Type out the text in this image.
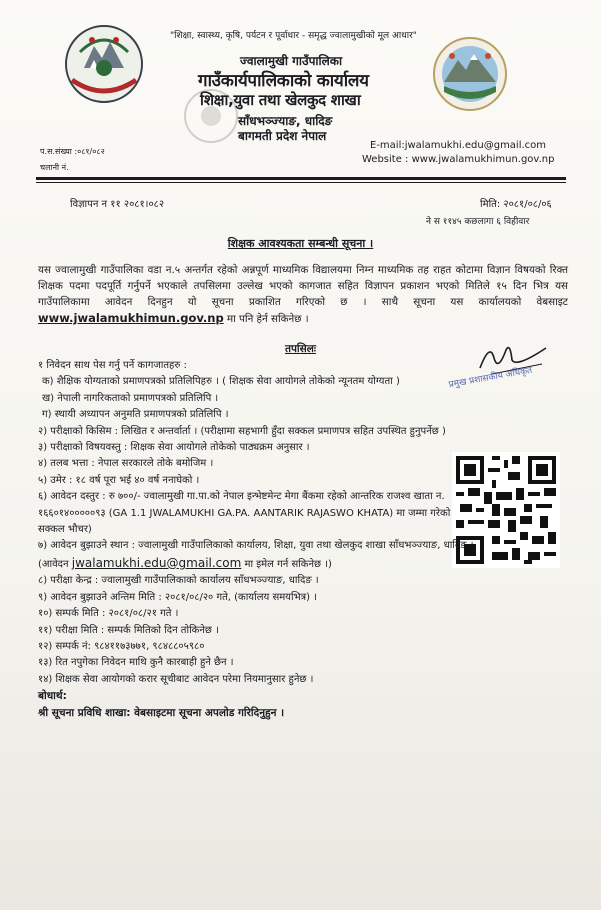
"शिक्षा, स्वास्थ्य, कृषि, पर्यटन र पूर्वाधार - समृद्ध ज्वालामुखीको मूल आधार"
ज्वालामुखी गाउँपालिका
गाउँकार्यपालिकाको कार्यालय
शिक्षा,युवा तथा खेलकुद शाखा
साँधभञ्ज्याङ, धादिङ
बागमती प्रदेश नेपाल
E-mail:jwalamukhi.edu@gmail.com
Website : www.jwalamukhimun.gov.np
प.स.संख्या :०८१/०८२
चलानी नं.
विज्ञापन न ११ २०८१।०८२	मिति: २०८१/०८/०६
ने स ११४५ कछलागा ६ विहीवार
शिक्षक आवश्यकता सम्बन्धी सूचना ।
यस ज्वालामुखी गाउँपालिका वडा न.५ अन्तर्गत रहेको अन्नपूर्ण माध्यमिक विद्यालयमा निम्न माध्यमिक तह राहत कोटामा विज्ञान विषयको रिक्त शिक्षक पदमा पदपूर्ति गर्नुपर्ने भएकाले तपसिलमा उल्लेख भएको कागजात सहित विज्ञापन प्रकाशन भएको मितिले १५ दिन भित्र यस गाउँपालिकामा आवेदन दिनहुन यो सूचना प्रकाशित गरिएको छ । साथै सूचना यस कार्यालयको वेबसाइट www.jwalamukhimun.gov.np मा पनि हेर्न सकिनेछ ।
तपसिलः
प्रमुख प्रशासकीय अधिकृत
१ निवेदन साथ पेस गर्नु पर्ने कागजातहरु :
क) शैक्षिक योग्यताको प्रमाणपत्रको प्रतिलिपिहरु । ( शिक्षक सेवा आयोगले तोकेको न्यूनतम योग्यता )
ख) नेपाली नागरिकताको प्रमाणपत्रको प्रतिलिपि ।
ग) स्थायी अध्यापन अनुमति प्रमाणपत्रको प्रतिलिपि ।
२) परीक्षाको किसिम : लिखित र अन्तर्वार्ता । (परीक्षामा सहभागी हुँदा सक्कल प्रमाणपत्र सहित उपस्थित हुनुपर्नेछ )
३) परीक्षाको विषयवस्तु : शिक्षक सेवा आयोगले तोकेको पाठ्यक्रम अनुसार ।
४) तलब भत्ता : नेपाल सरकारले तोके बमोजिम ।
५) उमेर : १८ वर्ष पूरा भई ४० वर्ष ननाघेको ।
६) आवेदन दस्तुर : रु ७००/- ज्वालामुखी गा.पा.को नेपाल इन्भेष्टमेन्ट मेगा बैंकमा रहेको आन्तरिक राजश्व खाता न. १६६०१४०००००९३ (GA 1.1 JWALAMUKHI GA.PA. AANTARIK RAJASWO KHATA) मा जम्मा गरेको सक्कल भौचर)
७) आवेदन बुझाउने स्थान : ज्वालामुखी गाउँपालिकाको कार्यालय, शिक्षा, युवा तथा खेलकुद शाखा साँधभञ्ज्याङ, धादिङ । (आवेदन jwalamukhi.edu@gmail.com मा इमेल गर्न सकिनेछ ।)
८) परीक्षा केन्द्र : ज्वालामुखी गाउँपालिकाको कार्यालय साँधभञ्ज्याङ, धादिङ ।
९) आवेदन बुझाउने अन्तिम मिति : २०८१/०८/२० गते, (कार्यालय समयभित्र) ।
१०) सम्पर्क मिति : २०८१/०८/२१ गते ।
११) परीक्षा मिति : सम्पर्क मितिको दिन तोकिनेछ ।
१२) सम्पर्क नं: ९८४११७३७७१, ९८४८८०५९८०
१३) रित नपुगेका निवेदन माथि कुनै कारबाही हुने छैन ।
१४) शिक्षक सेवा आयोगको करार सूचीबाट आवेदन परेमा नियमानुसार हुनेछ ।
बोधार्थ:
श्री सूचना प्रविधि शाखा: वेबसाइटमा सूचना अपलोड गरिदिनुहुन ।
